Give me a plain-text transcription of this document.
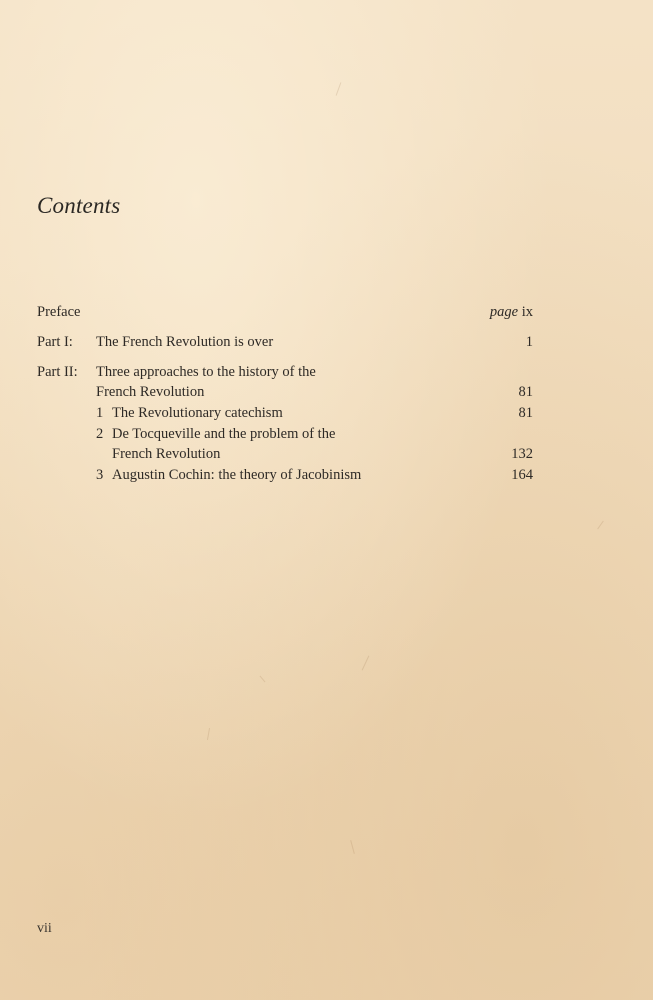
Contents
Preface	page ix
Part I: The French Revolution is over	1
Part II: Three approaches to the history of the
French Revolution	81
1 The Revolutionary catechism	81
2 De Tocqueville and the problem of the
French Revolution	132
3 Augustin Cochin: the theory of Jacobinism	164
vii
